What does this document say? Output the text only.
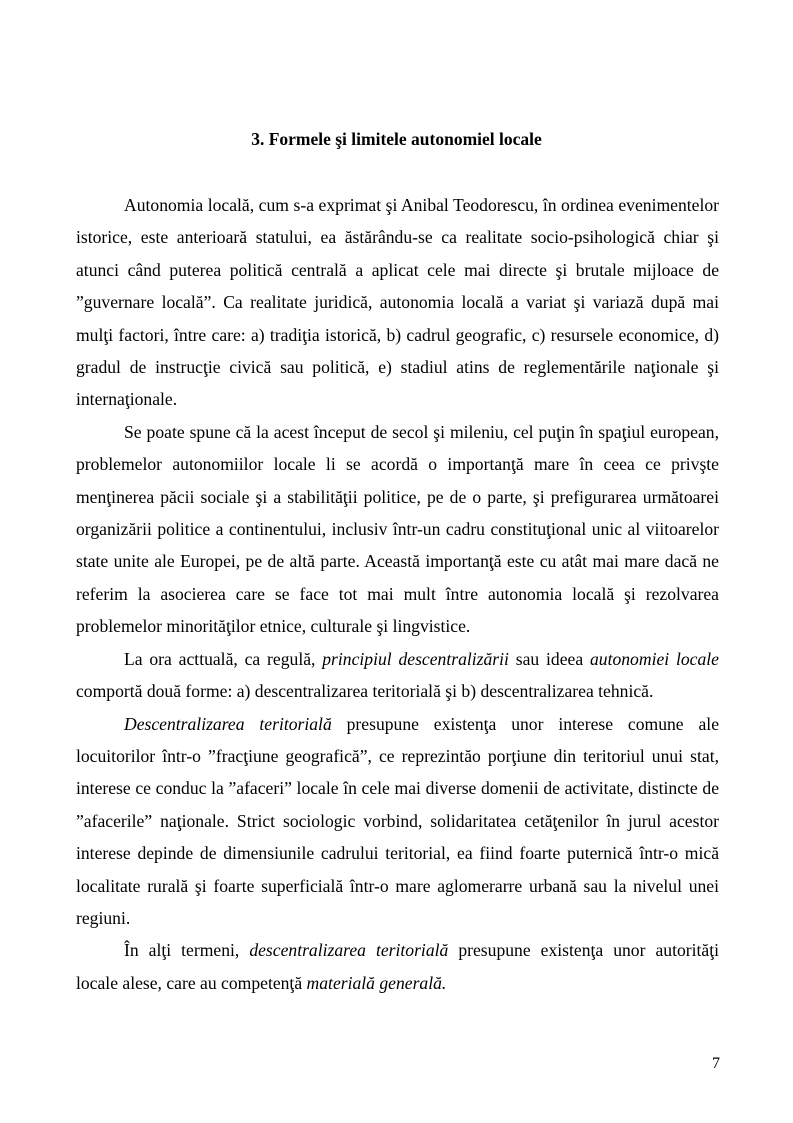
3. Formele şi limitele autonomiel locale

Autonomia locală, cum s-a exprimat şi Anibal Teodorescu, în ordinea evenimentelor istorice, este anterioară statului, ea ăstărându-se ca realitate socio-psihologică chiar şi atunci când puterea politică centrală a aplicat cele mai directe şi brutale mijloace de ”guvernare locală”. Ca realitate juridică, autonomia locală a variat şi variază după mai mulţi factori, între care: a) tradiţia istorică, b) cadrul geografic, c) resursele economice, d) gradul de instrucţie civică sau politică, e) stadiul atins de reglementările naţionale şi internaţionale.

Se poate spune că la acest început de secol şi mileniu, cel puţin în spaţiul european, problemelor autonomiilor locale li se acordă o importanţă mare în ceea ce privşte menţinerea păcii sociale şi a stabilităţii politice, pe de o parte, şi prefigurarea următoarei organizării politice a continentului, inclusiv într-un cadru constituţional unic al viitoarelor state unite ale Europei, pe de altă parte. Această importanţă este cu atât mai mare dacă ne referim la asocierea care se face tot mai mult între autonomia locală şi rezolvarea problemelor minorităţilor etnice, culturale şi lingvistice.

La ora acttuală, ca regulă, principiul descentralizării sau ideea autonomiei locale comportă două forme: a) descentralizarea teritorială şi b) descentralizarea tehnică.

Descentralizarea teritorială presupune existenţa unor interese comune ale locuitorilor într-o ”fracţiune geografică”, ce reprezintăo porţiune din teritoriul unui stat, interese ce conduc la ”afaceri” locale în cele mai diverse domenii de activitate, distincte de ”afacerile” naţionale. Strict sociologic vorbind, solidaritatea cetăţenilor în jurul acestor interese depinde de dimensiunile cadrului teritorial, ea fiind foarte puternică într-o mică localitate rurală şi foarte superficială într-o mare aglomerarre urbană sau la nivelul unei regiuni.

În alţi termeni, descentralizarea teritorială presupune existenţa unor autorităţi locale alese, care au competenţă materială generală.

7
